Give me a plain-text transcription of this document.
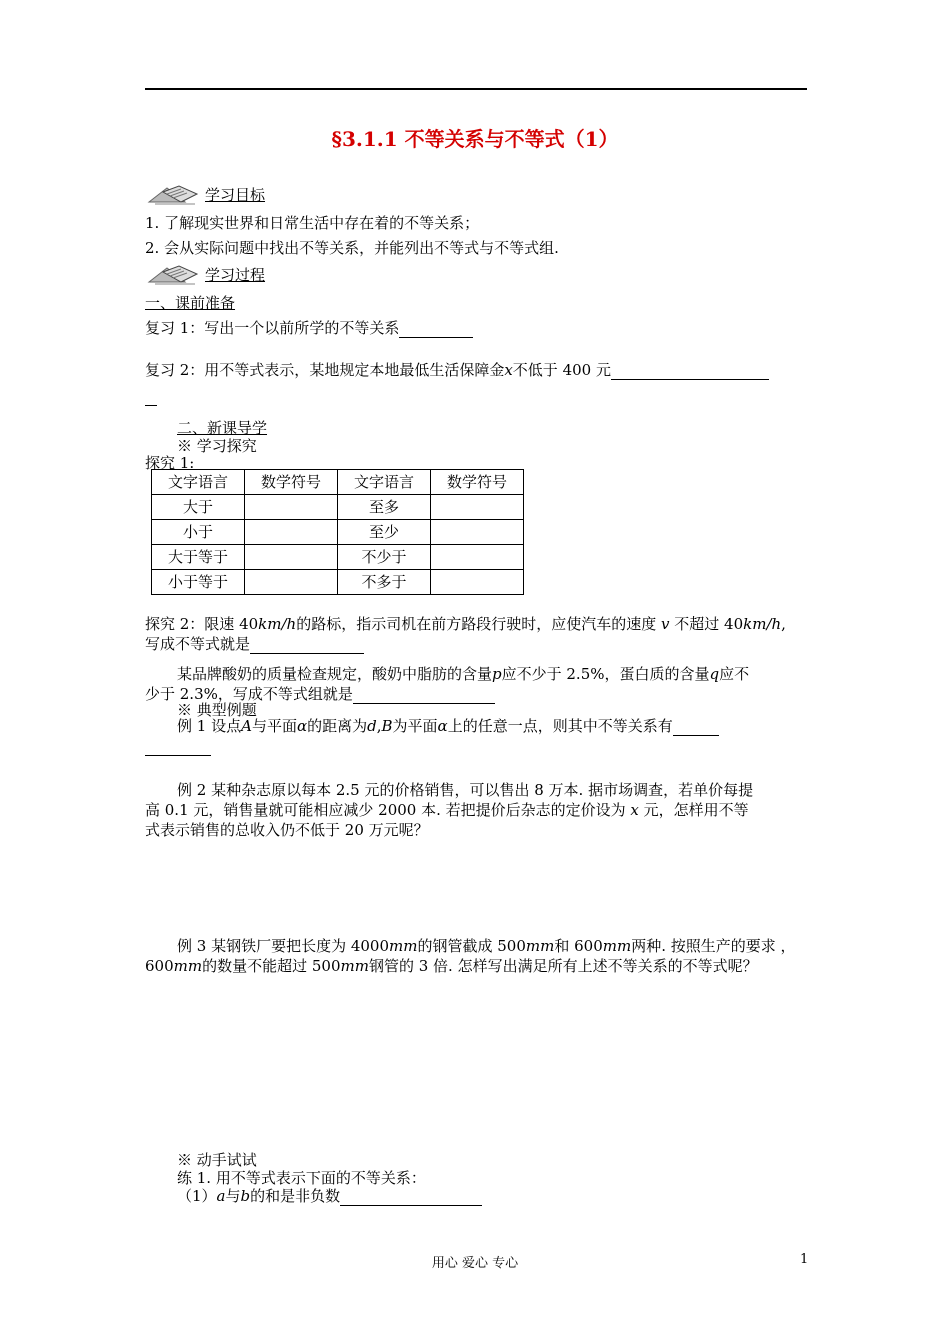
§3.1.1 不等关系与不等式（1）
学习目标
1. 了解现实世界和日常生活中存在着的不等关系；
2. 会从实际问题中找出不等关系，并能列出不等式与不等式组.
学习过程
一、课前准备
复习 1：写出一个以前所学的不等关系
复习 2：用不等式表示，某地规定本地最低生活保障金x不低于 400 元
二、新课导学
※ 学习探究
探究 1:
文字语言	数学符号	文字语言	数学符号
大于		至多	
小于		至少	
大于等于		不少于	
小于等于		不多于	
探究 2：限速 40km/h的路标，指示司机在前方路段行驶时，应使汽车的速度 v 不超过 40km/h,
写成不等式就是
某品牌酸奶的质量检查规定，酸奶中脂肪的含量p应不少于 2.5%，蛋白质的含量q应不
少于 2.3%，写成不等式组就是
※ 典型例题
例 1 设点A与平面α的距离为d,B为平面α上的任意一点，则其中不等关系有
例 2 某种杂志原以每本 2.5 元的价格销售，可以售出 8 万本. 据市场调查，若单价每提
高 0.1 元，销售量就可能相应减少 2000 本. 若把提价后杂志的定价设为 x 元，怎样用不等
式表示销售的总收入仍不低于 20 万元呢？
例 3 某钢铁厂要把长度为 4000mm的钢管截成 500mm和 600mm两种. 按照生产的要求 ，
600mm的数量不能超过 500mm钢管的 3 倍. 怎样写出满足所有上述不等关系的不等式呢？
※ 动手试试
练 1. 用不等式表示下面的不等关系：
（1）a与b的和是非负数
用心 爱心 专心	1
